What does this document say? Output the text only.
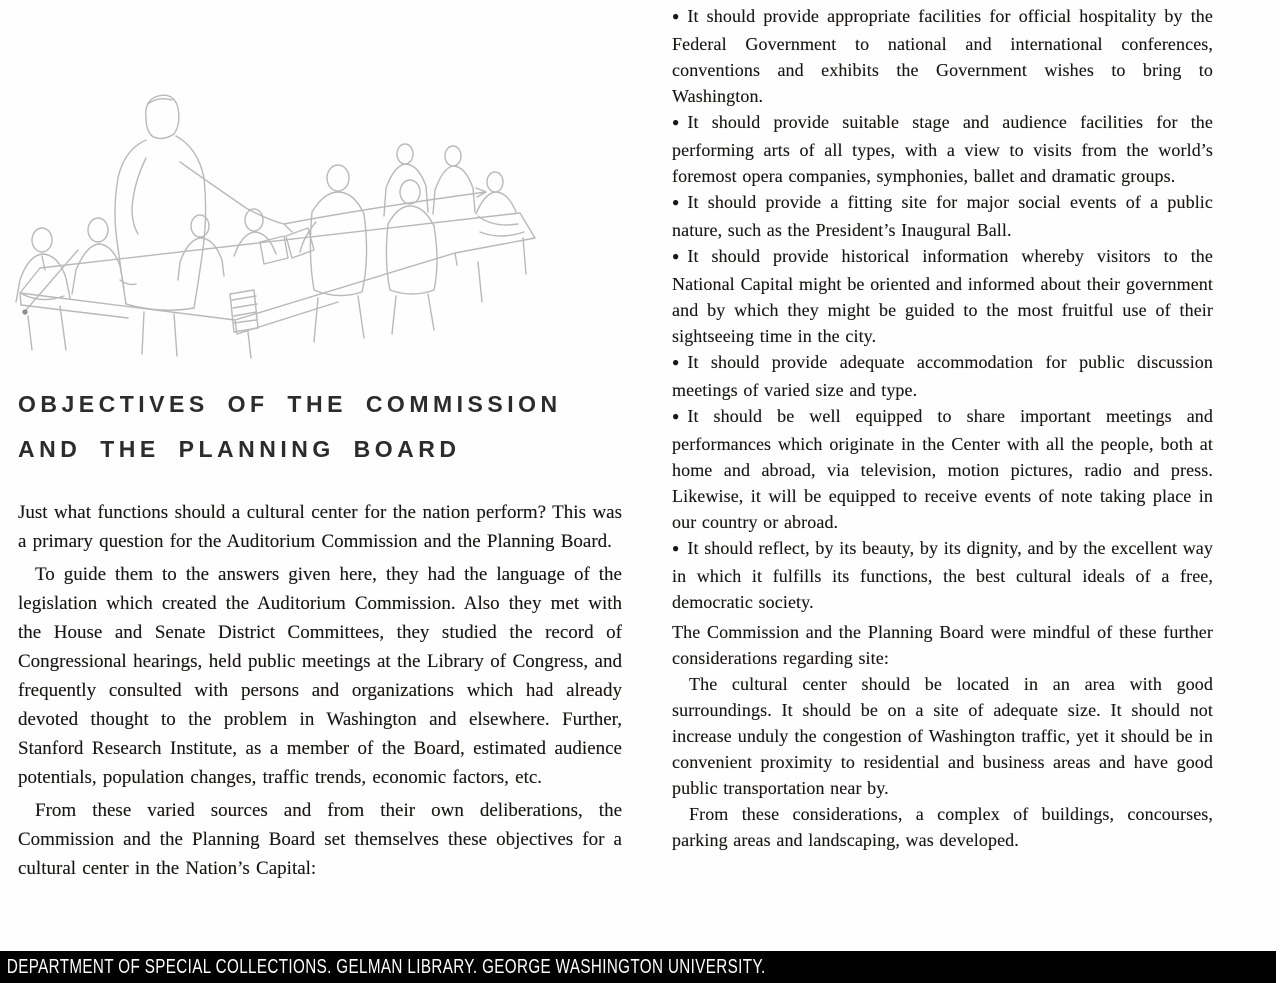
OBJECTIVES OF THE COMMISSION
AND THE PLANNING BOARD

Just what functions should a cultural center for the nation perform? This was a primary question for the Auditorium Commission and the Planning Board.

To guide them to the answers given here, they had the language of the legislation which created the Auditorium Commission. Also they met with the House and Senate District Committees, they studied the record of Congressional hearings, held public meetings at the Library of Congress, and frequently consulted with persons and organizations which had already devoted thought to the problem in Washington and elsewhere. Further, Stanford Research Institute, as a member of the Board, estimated audience potentials, population changes, traffic trends, economic factors, etc.

From these varied sources and from their own deliberations, the Commission and the Planning Board set themselves these objectives for a cultural center in the Nation’s Capital:

● It should provide appropriate facilities for official hospitality by the Federal Government to national and international conferences, conventions and exhibits the Government wishes to bring to Washington.

● It should provide suitable stage and audience facilities for the performing arts of all types, with a view to visits from the world’s foremost opera companies, symphonies, ballet and dramatic groups.

● It should provide a fitting site for major social events of a public nature, such as the President’s Inaugural Ball.

● It should provide historical information whereby visitors to the National Capital might be oriented and informed about their government and by which they might be guided to the most fruitful use of their sightseeing time in the city.

● It should provide adequate accommodation for public discussion meetings of varied size and type.

● It should be well equipped to share important meetings and performances which originate in the Center with all the people, both at home and abroad, via television, motion pictures, radio and press. Likewise, it will be equipped to receive events of note taking place in our country or abroad.

● It should reflect, by its beauty, by its dignity, and by the excellent way in which it fulfills its functions, the best cultural ideals of a free, democratic society.

The Commission and the Planning Board were mindful of these further considerations regarding site:

The cultural center should be located in an area with good surroundings. It should be on a site of adequate size. It should not increase unduly the congestion of Washington traffic, yet it should be in convenient proximity to residential and business areas and have good public transportation near by.

From these considerations, a complex of buildings, concourses, parking areas and landscaping, was developed.

DEPARTMENT OF SPECIAL COLLECTIONS. GELMAN LIBRARY. GEORGE WASHINGTON UNIVERSITY.
